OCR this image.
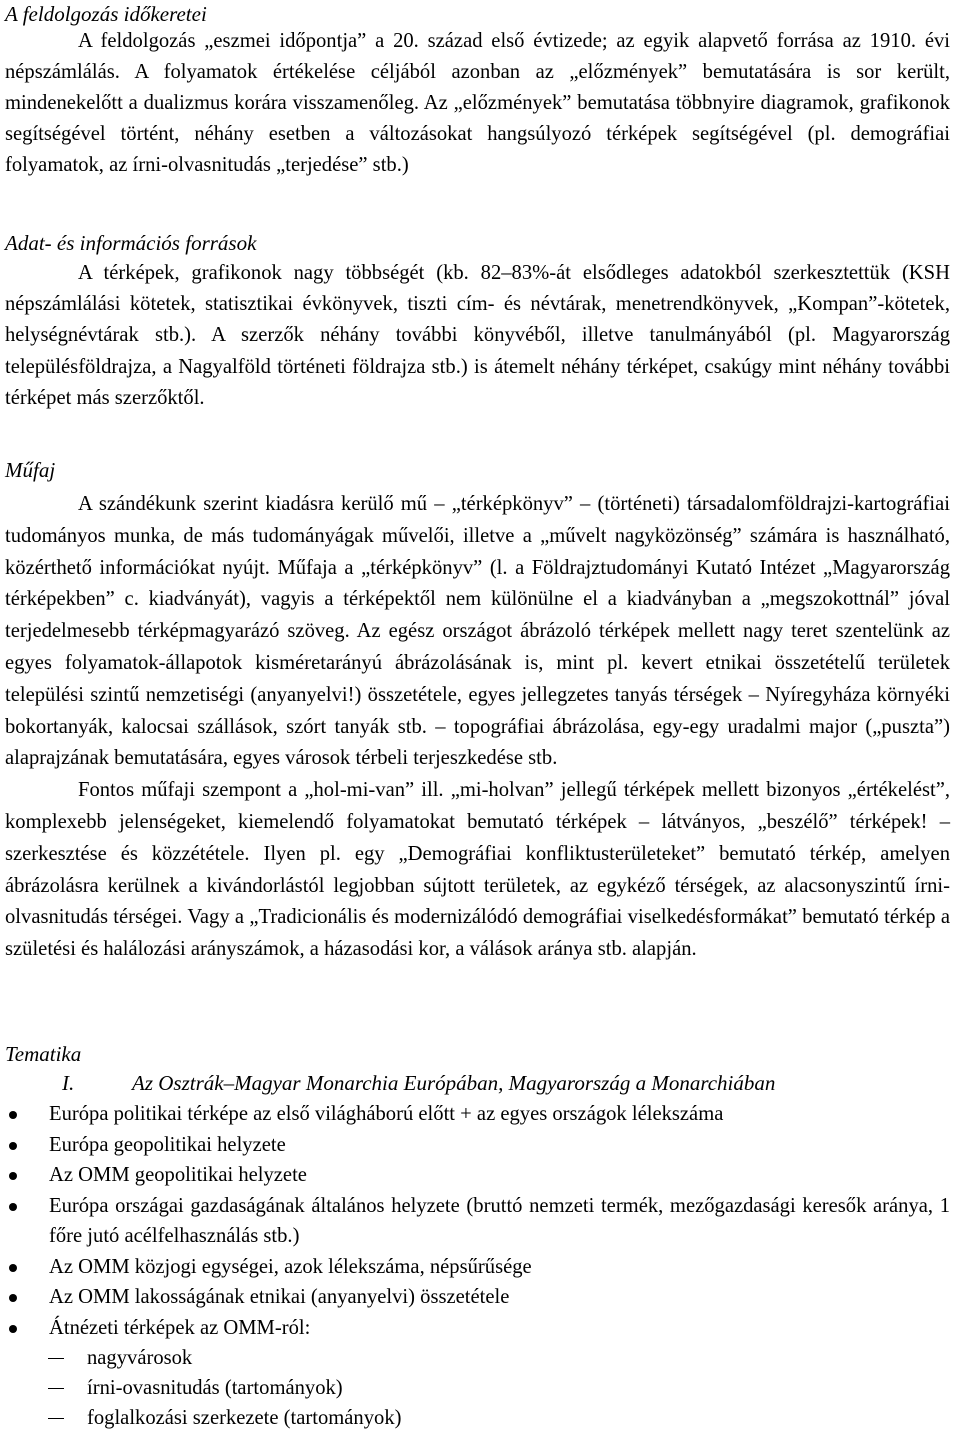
A feldolgozás időkeretei

A feldolgozás „eszmei időpontja” a 20. század első évtizede; az egyik alapvető forrása az 1910. évi népszámlálás. A folyamatok értékelése céljából azonban az „előzmények” bemutatására is sor került, mindenekelőtt a dualizmus korára visszamenőleg. Az „előzmények” bemutatása többnyire diagramok, grafikonok segítségével történt, néhány esetben a változásokat hangsúlyozó térképek segítségével (pl. demográfiai folyamatok, az írni-olvasnitudás „terjedése” stb.)

Adat- és információs források

A térképek, grafikonok nagy többségét (kb. 82–83%-át elsődleges adatokból szerkesztettük (KSH népszámlálási kötetek, statisztikai évkönyvek, tiszti cím- és névtárak, menetrendkönyvek, „Kompan”-kötetek, helységnévtárak stb.). A szerzők néhány további könyvéből, illetve tanulmányából (pl. Magyarország településföldrajza, a Nagyalföld történeti földrajza stb.) is átemelt néhány térképet, csakúgy mint néhány további térképet más szerzőktől.

Műfaj

A szándékunk szerint kiadásra kerülő mű – „térképkönyv” – (történeti) társadalomföldrajzi-kartográfiai tudományos munka, de más tudományágak művelői, illetve a „művelt nagyközönség” számára is használható, közérthető információkat nyújt. Műfaja a „térképkönyv” (l. a Földrajztudományi Kutató Intézet „Magyarország térképekben” c. kiadványát), vagyis a térképektől nem különülne el a kiadványban a „megszokottnál” jóval terjedelmesebb térképmagyarázó szöveg. Az egész országot ábrázoló térképek mellett nagy teret szentelünk az egyes folyamatok-állapotok kisméretarányú ábrázolásának is, mint pl. kevert etnikai összetételű területek települési szintű nemzetiségi (anyanyelvi!) összetétele, egyes jellegzetes tanyás térségek – Nyíregyháza környéki bokortanyák, kalocsai szállások, szórt tanyák stb. – topográfiai ábrázolása, egy-egy uradalmi major („puszta”) alaprajzának bemutatására, egyes városok térbeli terjeszkedése stb.

Fontos műfaji szempont a „hol-mi-van” ill. „mi-holvan” jellegű térképek mellett bizonyos „értékelést”, komplexebb jelenségeket, kiemelendő folyamatokat bemutató térképek – látványos, „beszélő” térképek! – szerkesztése és közzététele. Ilyen pl. egy „Demográfiai konfliktusterületeket” bemutató térkép, amelyen ábrázolásra kerülnek a kivándorlástól legjobban sújtott területek, az egykéző térségek, az alacsonyszintű írni-olvasnitudás térségei. Vagy a „Tradicionális és modernizálódó demográfiai viselkedésformákat” bemutató térkép a születési és halálozási arányszámok, a házasodási kor, a válások aránya stb. alapján.

Tematika

I.	Az Osztrák–Magyar Monarchia Európában, Magyarország a Monarchiában

Európa politikai térképe az első világháború előtt + az egyes országok lélekszáma
Európa geopolitikai helyzete
Az OMM geopolitikai helyzete
Európa országai gazdaságának általános helyzete (bruttó nemzeti termék, mezőgazdasági keresők aránya, 1 főre jutó acélfelhasználás stb.)
Az OMM közjogi egységei, azok lélekszáma, népsűrűsége
Az OMM lakosságának etnikai (anyanyelvi) összetétele
Átnézeti térképek az OMM-ról:
nagyvárosok
írni-ovasnitudás (tartományok)
foglalkozási szerkezete (tartományok)
